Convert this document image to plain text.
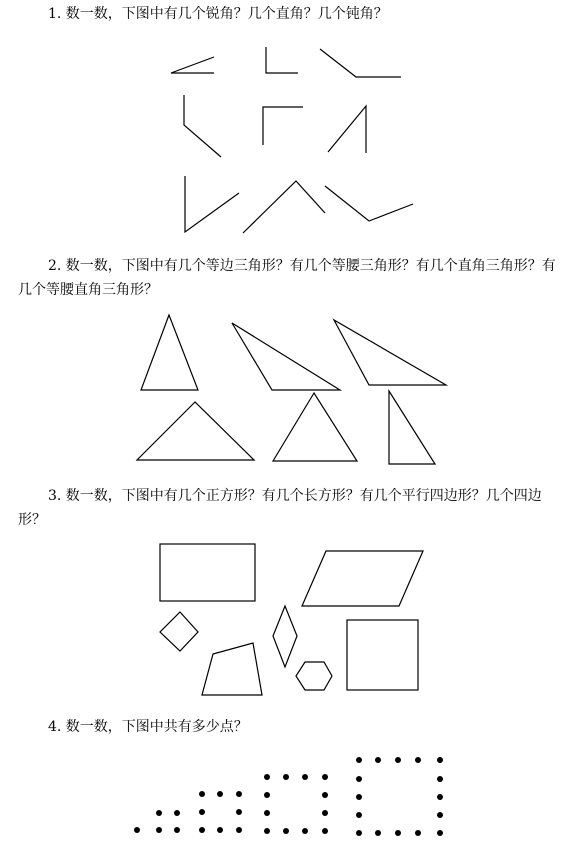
1. 数一数，下图中有几个锐角？几个直角？几个钝角？

2. 数一数，下图中有几个等边三角形？有几个等腰三角形？有几个直角三角形？有几个等腰直角三角形？

3. 数一数，下图中有几个正方形？有几个长方形？有几个平行四边形？几个四边形？

4. 数一数，下图中共有多少点？
